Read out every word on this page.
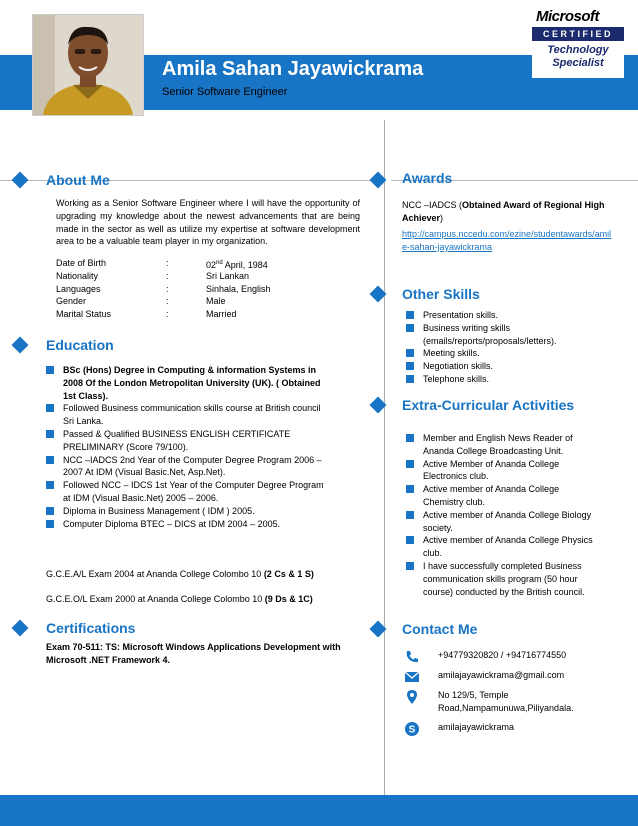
Amila Sahan Jayawickrama
Senior Software Engineer
Microsoft
CERTIFIED
Technology
Specialist
About Me
Working as a Senior Software Engineer where I will have the opportunity of upgrading my knowledge about the newest advancements that are being made in the sector as well as utilize my expertise at software development area to be a valuable team player in my organization.
Date of Birth	:	02nd April, 1984
Nationality	:	Sri Lankan
Languages	:	Sinhala, English
Gender	:	Male
Marital Status	:	Married
Education
BSc (Hons) Degree in Computing & information Systems in 2008 Of the London Metropolitan University (UK). ( Obtained 1st Class).
Followed Business communication skills course at British council Sri Lanka.
Passed & Qualified BUSINESS ENGLISH CERTIFICATE PRELIMINARY (Score 79/100).
NCC –IADCS 2nd Year of the Computer Degree Program 2006 – 2007 At IDM (Visual Basic.Net, Asp.Net).
Followed NCC – IDCS 1st Year of the Computer Degree Program at IDM (Visual Basic.Net) 2005 – 2006.
Diploma in Business Management ( IDM ) 2005.
Computer Diploma BTEC – DICS at IDM 2004 – 2005.
G.C.E.A/L Exam 2004 at Ananda College Colombo 10 (2 Cs & 1 S)
G.C.E.O/L Exam 2000 at Ananda College Colombo 10 (9 Ds & 1C)
Certifications
Exam 70-511: TS: Microsoft Windows Applications Development with Microsoft .NET Framework 4.
Awards
NCC –IADCS (Obtained Award of Regional High Achiever)
http://campus.nccedu.com/ezine/studentawards/amile-sahan-jayawickrama
Other Skills
Presentation skills.
Business writing skills (emails/reports/proposals/letters).
Meeting skills.
Negotiation skills.
Telephone skills.
Extra-Curricular Activities
Member and English News Reader of Ananda College Broadcasting Unit.
Active Member of Ananda College Electronics club.
Active member of Ananda College Chemistry club.
Active member of Ananda College Biology society.
Active member of Ananda College Physics club.
I have successfully completed Business communication skills program (50 hour course) conducted by the British council.
Contact Me
+94779320820 / +94716774550
amilajayawickrama@gmail.com
No 129/5, Temple
Road,Nampamunuwa,Piliyandala.
S	amilajayawickrama
